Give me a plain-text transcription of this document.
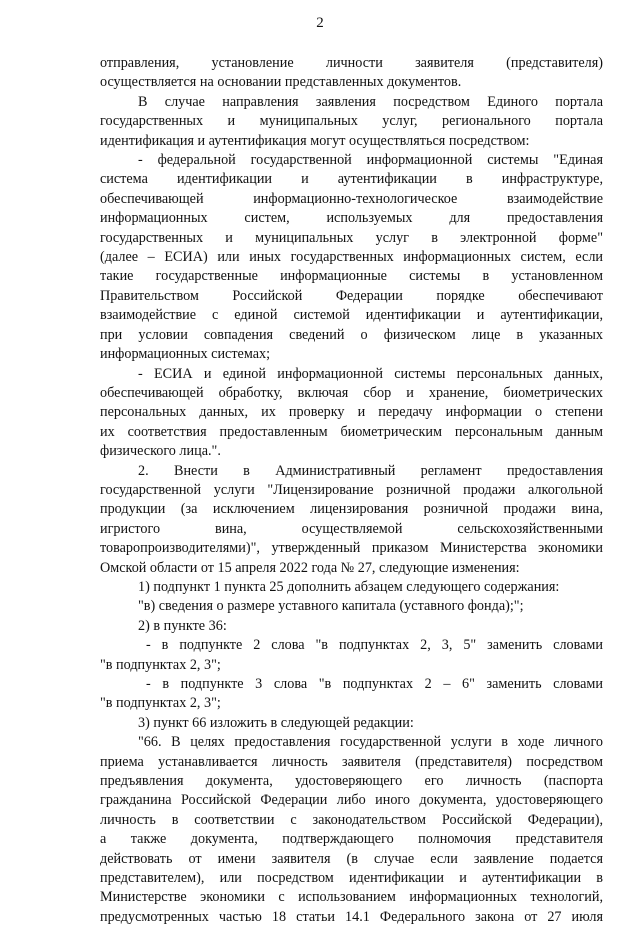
2
отправления, установление личности заявителя (представителя)
осуществляется на основании представленных документов.
В случае направления заявления посредством Единого портала
государственных и муниципальных услуг, регионального портала
идентификация и аутентификация могут осуществляться посредством:
- федеральной государственной информационной системы "Единая
система идентификации и аутентификации в инфраструктуре,
обеспечивающей информационно-технологическое взаимодействие
информационных систем, используемых для предоставления
государственных и муниципальных услуг в электронной форме"
(далее – ЕСИА) или иных государственных информационных систем, если
такие государственные информационные системы в установленном
Правительством Российской Федерации порядке обеспечивают
взаимодействие с единой системой идентификации и аутентификации,
при условии совпадения сведений о физическом лице в указанных
информационных системах;
- ЕСИА и единой информационной системы персональных данных,
обеспечивающей обработку, включая сбор и хранение, биометрических
персональных данных, их проверку и передачу информации о степени
их соответствия предоставленным биометрическим персональным данным
физического лица.".
2. Внести в Административный регламент предоставления
государственной услуги "Лицензирование розничной продажи алкогольной
продукции (за исключением лицензирования розничной продажи вина,
игристого вина, осуществляемой сельскохозяйственными
товаропроизводителями)", утвержденный приказом Министерства экономики
Омской области от 15 апреля 2022 года № 27, следующие изменения:
1) подпункт 1 пункта 25 дополнить абзацем следующего содержания:
"в) сведения о размере уставного капитала (уставного фонда);";
2) в пункте 36:
- в подпункте 2 слова "в подпунктах 2, 3, 5" заменить словами
"в подпунктах 2, 3";
- в подпункте 3 слова "в подпунктах 2 – 6" заменить словами
"в подпунктах 2, 3";
3) пункт 66 изложить в следующей редакции:
"66. В целях предоставления государственной услуги в ходе личного
приема устанавливается личность заявителя (представителя) посредством
предъявления документа, удостоверяющего его личность (паспорта
гражданина Российской Федерации либо иного документа, удостоверяющего
личность в соответствии с законодательством Российской Федерации),
а также документа, подтверждающего полномочия представителя
действовать от имени заявителя (в случае если заявление подается
представителем), или посредством идентификации и аутентификации в
Министерстве экономики с использованием информационных технологий,
предусмотренных частью 18 статьи 14.1 Федерального закона от 27 июля
